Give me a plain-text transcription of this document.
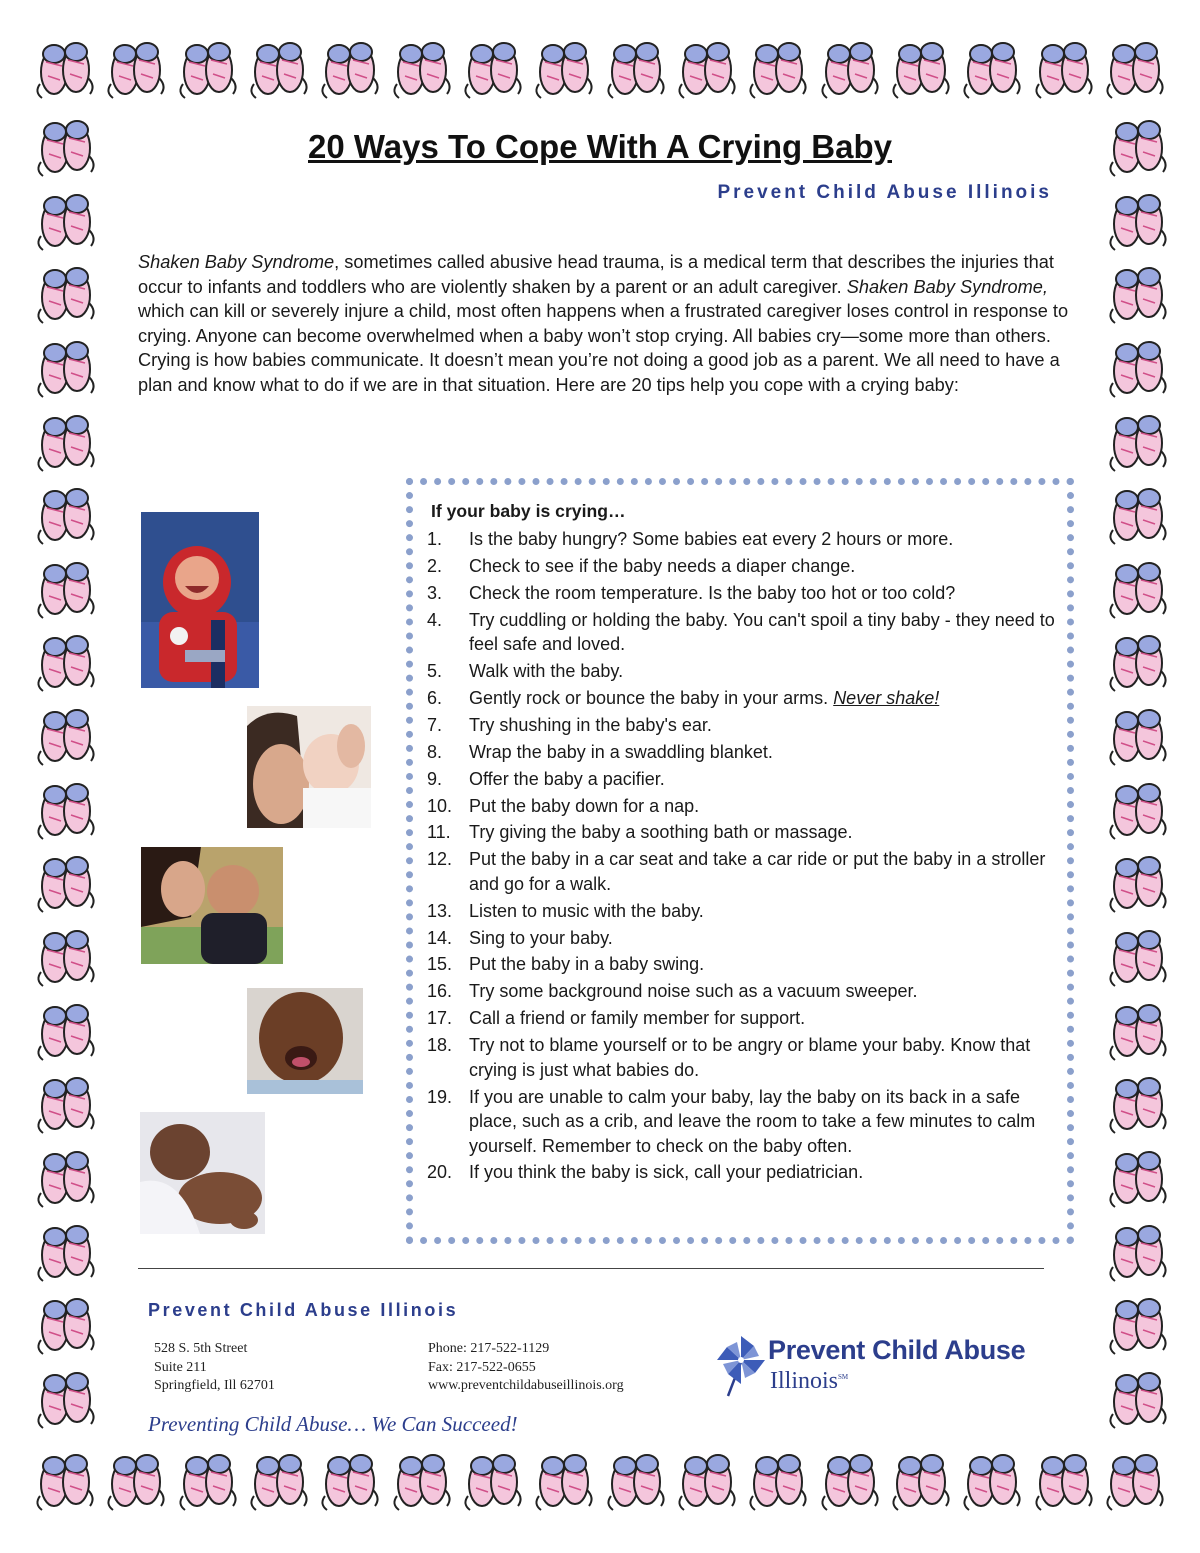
20 Ways To Cope With A Crying Baby
Prevent Child Abuse Illinois

Shaken Baby Syndrome, sometimes called abusive head trauma, is a medical term that describes the injuries that occur to infants and toddlers who are violently shaken by a parent or an adult caregiver. Shaken Baby Syndrome, which can kill or severely injure a child, most often happens when a frustrated caregiver loses control in response to crying. Anyone can become overwhelmed when a baby won’t stop crying. All babies cry—some more than others. Crying is how babies communicate. It doesn’t mean you’re not doing a good job as a parent. We all need to have a plan and know what to do if we are in that situation. Here are 20 tips help you cope with a crying baby:

If your baby is crying…
1.	Is the baby hungry? Some babies eat every 2 hours or more.
2.	Check to see if the baby needs a diaper change.
3.	Check the room temperature. Is the baby too hot or too cold?
4.	Try cuddling or holding the baby. You can't spoil a tiny baby - they need to feel safe and loved.
5.	Walk with the baby.
6.	Gently rock or bounce the baby in your arms. Never shake!
7.	Try shushing in the baby's ear.
8.	Wrap the baby in a swaddling blanket.
9.	Offer the baby a pacifier.
10. Put the baby down for a nap.
11.	Try giving the baby a soothing bath or massage.
12. Put the baby in a car seat and take a car ride or put the baby in a stroller and go for a walk.
13. Listen to music with the baby.
14. Sing to your baby.
15. Put the baby in a baby swing.
16. Try some background noise such as a vacuum sweeper.
17. Call a friend or family member for support.
18. Try not to blame yourself or to be angry or blame your baby. Know that crying is just what babies do.
19. If you are unable to calm your baby, lay the baby on its back in a safe place, such as a crib, and leave the room to take a few minutes to calm yourself. Remember to check on the baby often.
20. If you think the baby is sick, call your pediatrician.
Prevent Child Abuse Illinois
528 S. 5th Street
Suite 211
Springfield, Ill 62701
Phone: 217-522-1129
Fax: 217-522-0655
www.preventchildabuseillinois.org
Preventing Child Abuse… We Can Succeed!
Prevent Child Abuse
Illinois℠
